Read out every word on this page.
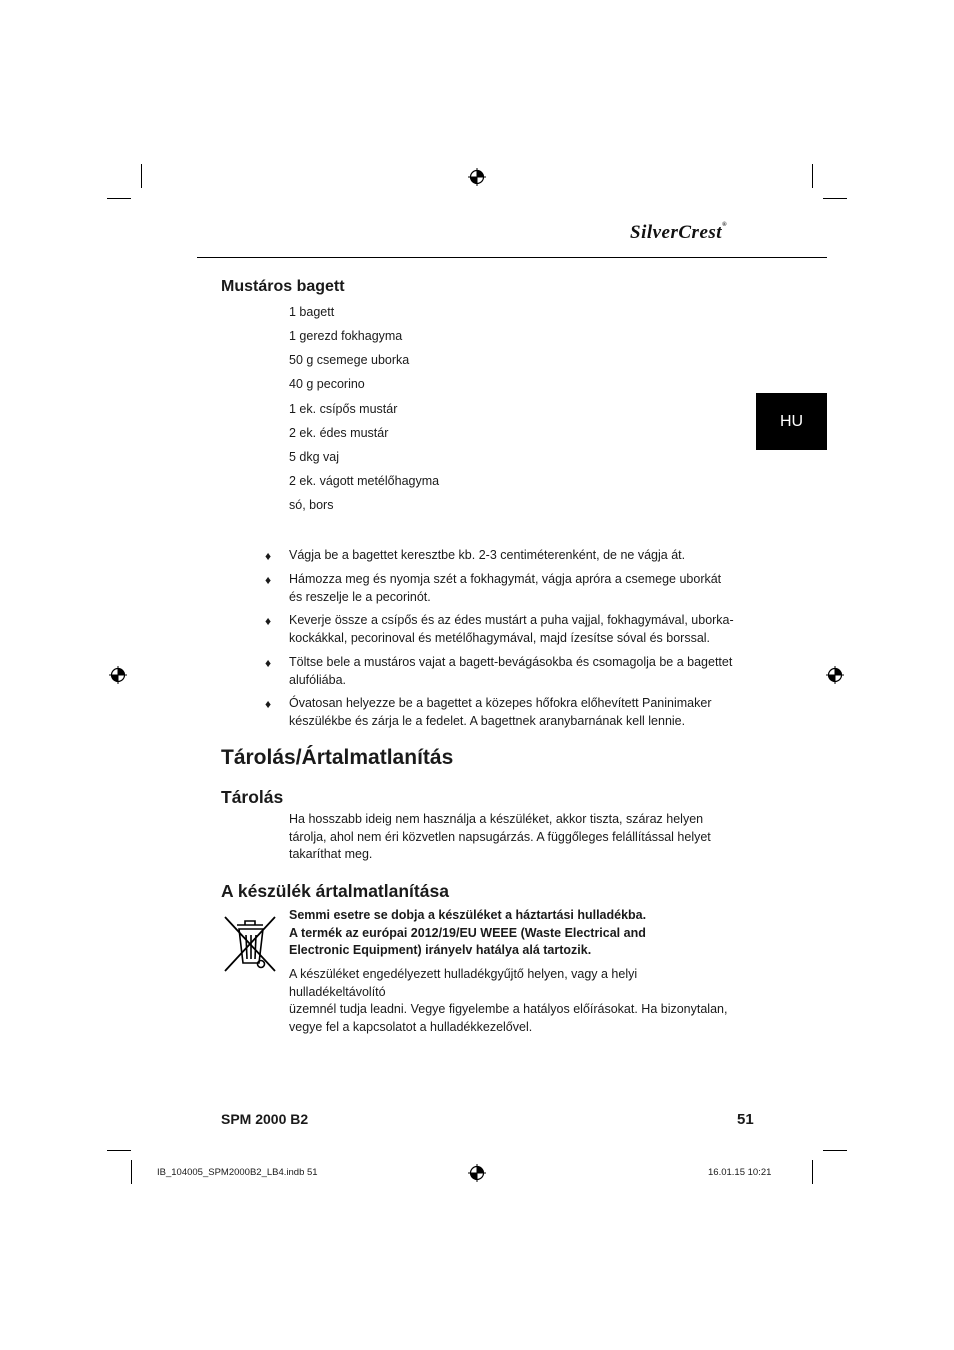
SilverCrest®
HU
Mustáros bagett
1 bagett
1 gerezd fokhagyma
50 g csemege uborka
40 g pecorino
1 ek. csípős mustár
2 ek. édes mustár
5 dkg vaj
2 ek. vágott metélőhagyma
só, bors
♦ Vágja be a bagettet keresztbe kb. 2-3 centiméterenként, de ne vágja át.
♦ Hámozza meg és nyomja szét a fokhagymát, vágja apróra a csemege uborkát
és reszelje le a pecorinót.
♦ Keverje össze a csípős és az édes mustárt a puha vajjal, fokhagymával, uborka-
kockákkal, pecorinoval és metélőhagymával, majd ízesítse sóval és borssal.
♦ Töltse bele a mustáros vajat a bagett-bevágásokba és csomagolja be a bagettet
alufóliába.
♦ Óvatosan helyezze be a bagettet a közepes hőfokra előhevített Paninimaker
készülékbe és zárja le a fedelet. A bagettnek aranybarnának kell lennie.
Tárolás/Ártalmatlanítás
Tárolás
Ha hosszabb ideig nem használja a készüléket, akkor tiszta, száraz helyen
tárolja, ahol nem éri közvetlen napsugárzás. A függőleges felállítással helyet
takaríthat meg.
A készülék ártalmatlanítása
Semmi esetre se dobja a készüléket a háztartási hulladékba.
A termék az európai 2012/19/EU WEEE (Waste Electrical and
Electronic Equipment) irányelv hatálya alá tartozik.
A készüléket engedélyezett hulladékgyűjtő helyen, vagy a helyi hulladékeltávolító
üzemnél tudja leadni. Vegye figyelembe a hatályos előírásokat. Ha bizonytalan,
vegye fel a kapcsolatot a hulladékkezelővel.
SPM 2000 B2	51
IB_104005_SPM2000B2_LB4.indb 51	16.01.15 10:21
